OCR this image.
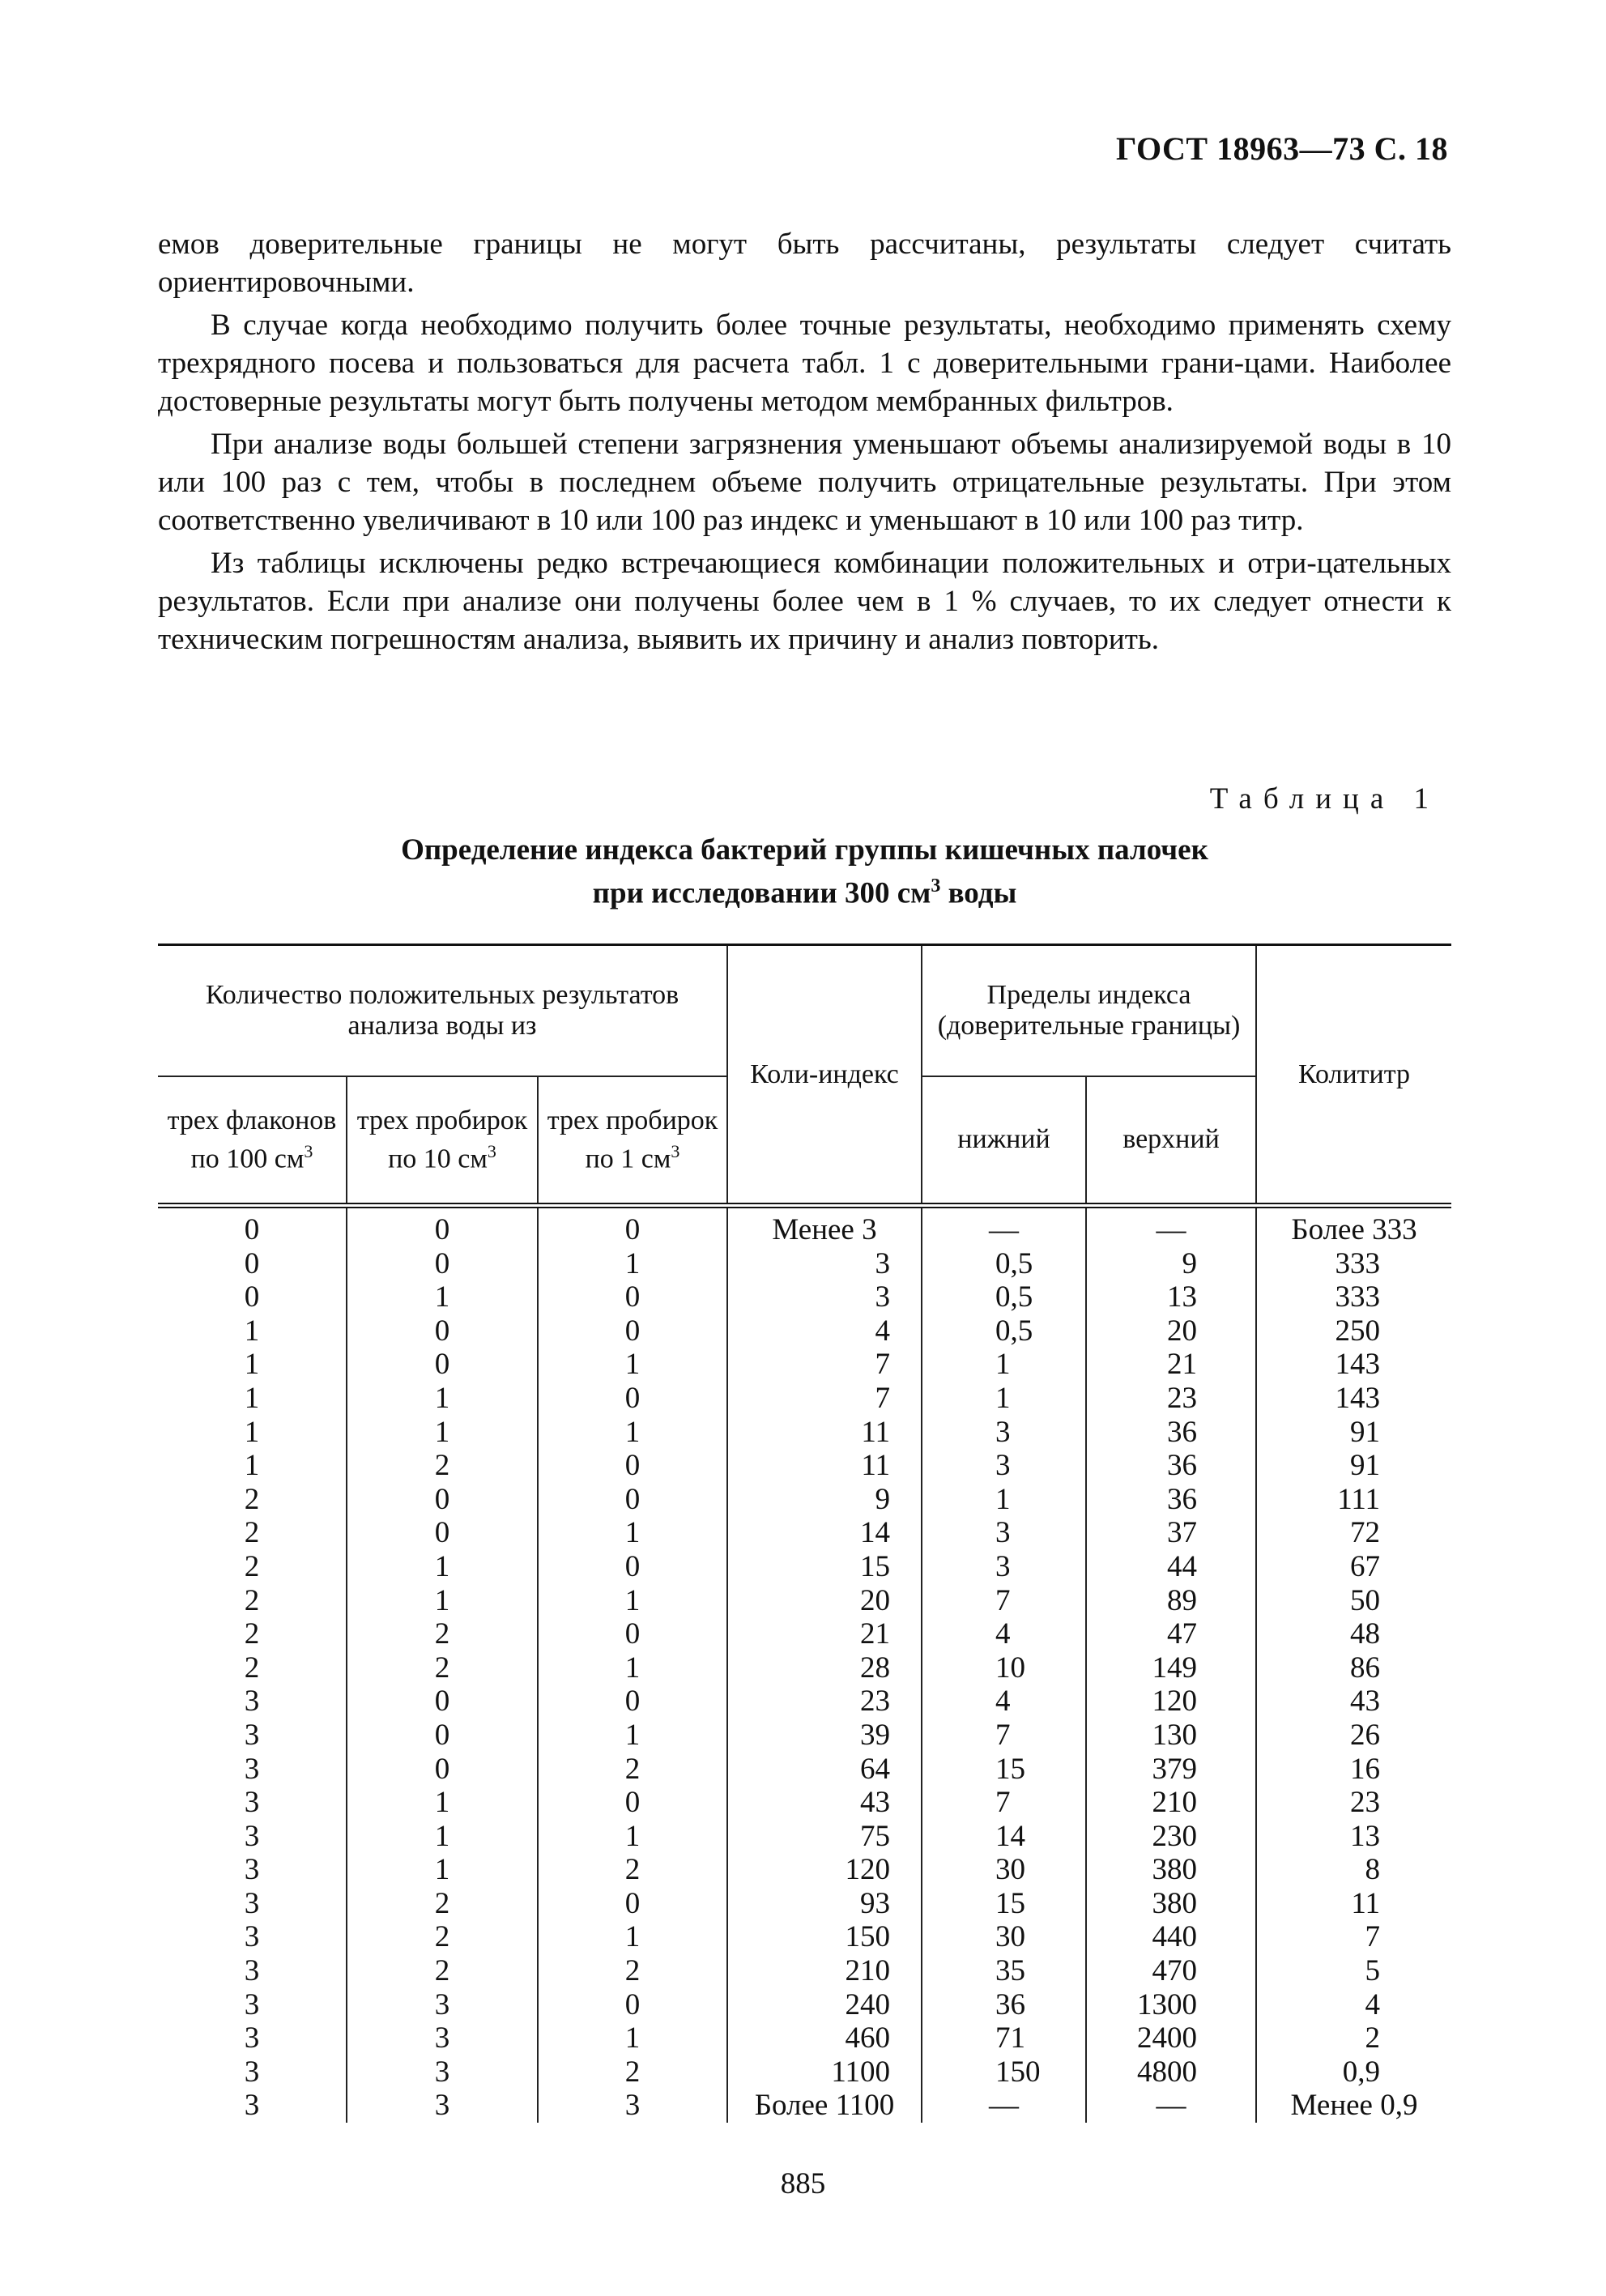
ГОСТ 18963—73 С. 18

емов доверительные границы не могут быть рассчитаны, результаты следует считать ориентировочными.

В случае когда необходимо получить более точные результаты, необходимо применять схему трехрядного посева и пользоваться для расчета табл. 1 с доверительными грани-цами. Наиболее достоверные результаты могут быть получены методом мембранных фильтров.

При анализе воды большей степени загрязнения уменьшают объемы анализируемой воды в 10 или 100 раз с тем, чтобы в последнем объеме получить отрицательные результаты. При этом соответственно увеличивают в 10 или 100 раз индекс и уменьшают в 10 или 100 раз титр.

Из таблицы исключены редко встречающиеся комбинации положительных и отри-цательных результатов. Если при анализе они получены более чем в 1 % случаев, то их следует отнести к техническим погрешностям анализа, выявить их причину и анализ повторить.

Таблица 1
Определение индекса бактерий группы кишечных палочек
при исследовании 300 $см^3$ воды
Количество положительных результатов анализа воды из			Коли-индекс	Пределы индекса (доверительные границы)		Колититр
трех флаконов по 100 $см^3$	трех пробирок по 10 $см^3$	трех пробирок по 1 $см^3$		нижний	верхний	
0	0	0	Менее 3	—	—	Более 333
0	0	1	3	0,5	9	333
0	1	0	3	0,5	13	333
1	0	0	4	0,5	20	250
1	0	1	7	1	21	143
1	1	0	7	1	23	143
1	1	1	11	3	36	91
1	2	0	11	3	36	91
2	0	0	9	1	36	111
2	0	1	14	3	37	72
2	1	0	15	3	44	67
2	1	1	20	7	89	50
2	2	0	21	4	47	48
2	2	1	28	10	149	86
3	0	0	23	4	120	43
3	0	1	39	7	130	26
3	0	2	64	15	379	16
3	1	0	43	7	210	23
3	1	1	75	14	230	13
3	1	2	120	30	380	8
3	2	0	93	15	380	11
3	2	1	150	30	440	7
3	2	2	210	35	470	5
3	3	0	240	36	1300	4
3	3	1	460	71	2400	2
3	3	2	1100	150	4800	0,9
3	3	3	Более 1100	—	—	Менее 0,9
885
